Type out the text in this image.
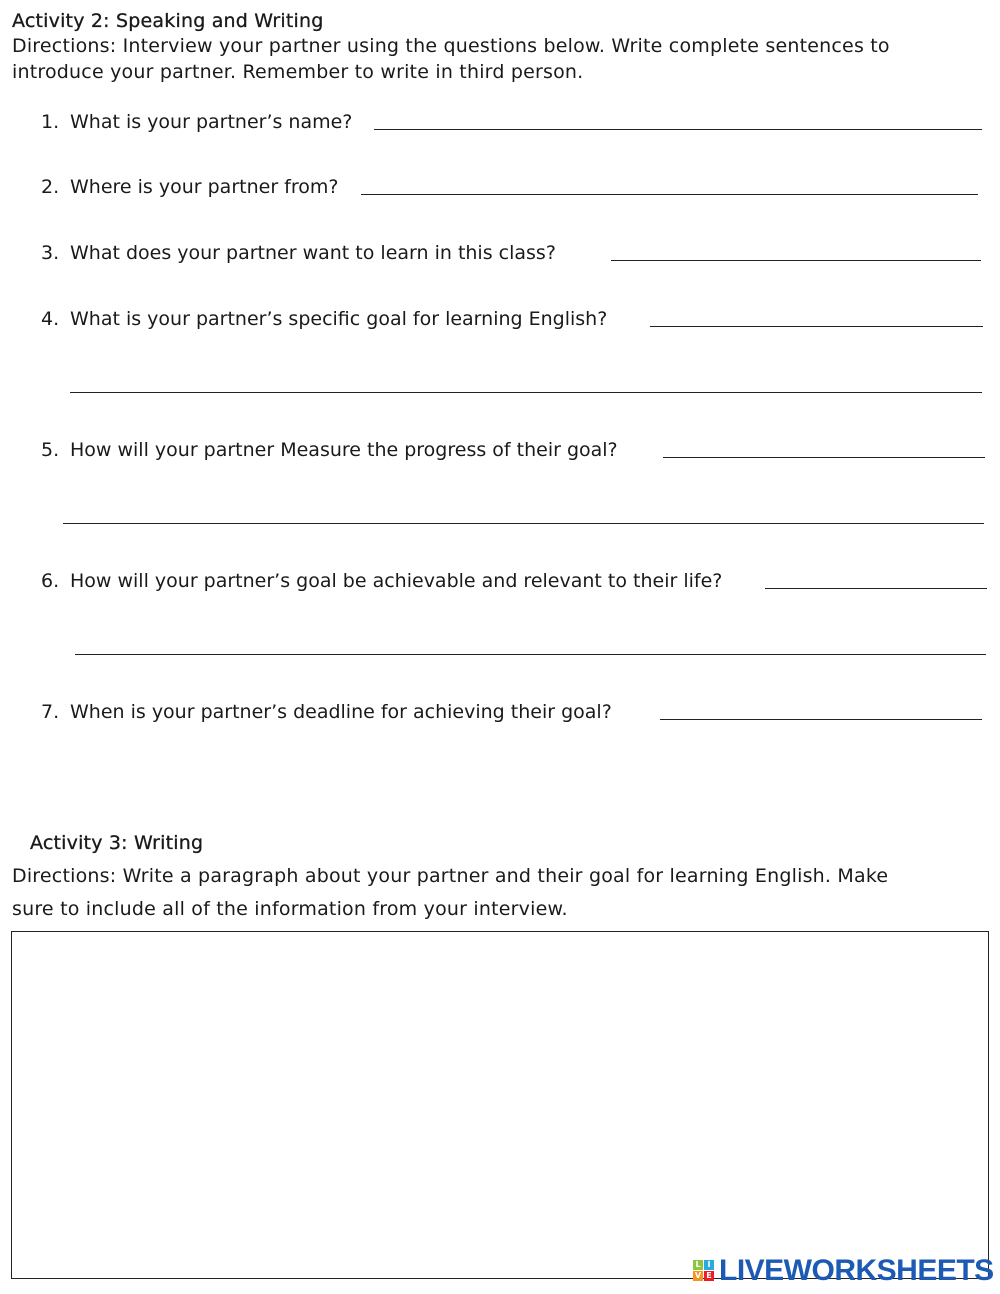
Activity 2: Speaking and Writing
Directions: Interview your partner using the questions below. Write complete sentences to
introduce your partner. Remember to write in third person.
1. What is your partner’s name?
2. Where is your partner from?
3. What does your partner want to learn in this class?
4. What is your partner’s specific goal for learning English?
5. How will your partner Measure the progress of their goal?
6. How will your partner’s goal be achievable and relevant to their life?
7. When is your partner’s deadline for achieving their goal?
Activity 3: Writing
Directions: Write a paragraph about your partner and their goal for learning English. Make
sure to include all of the information from your interview.
L I
V E LIVEWORKSHEETS
